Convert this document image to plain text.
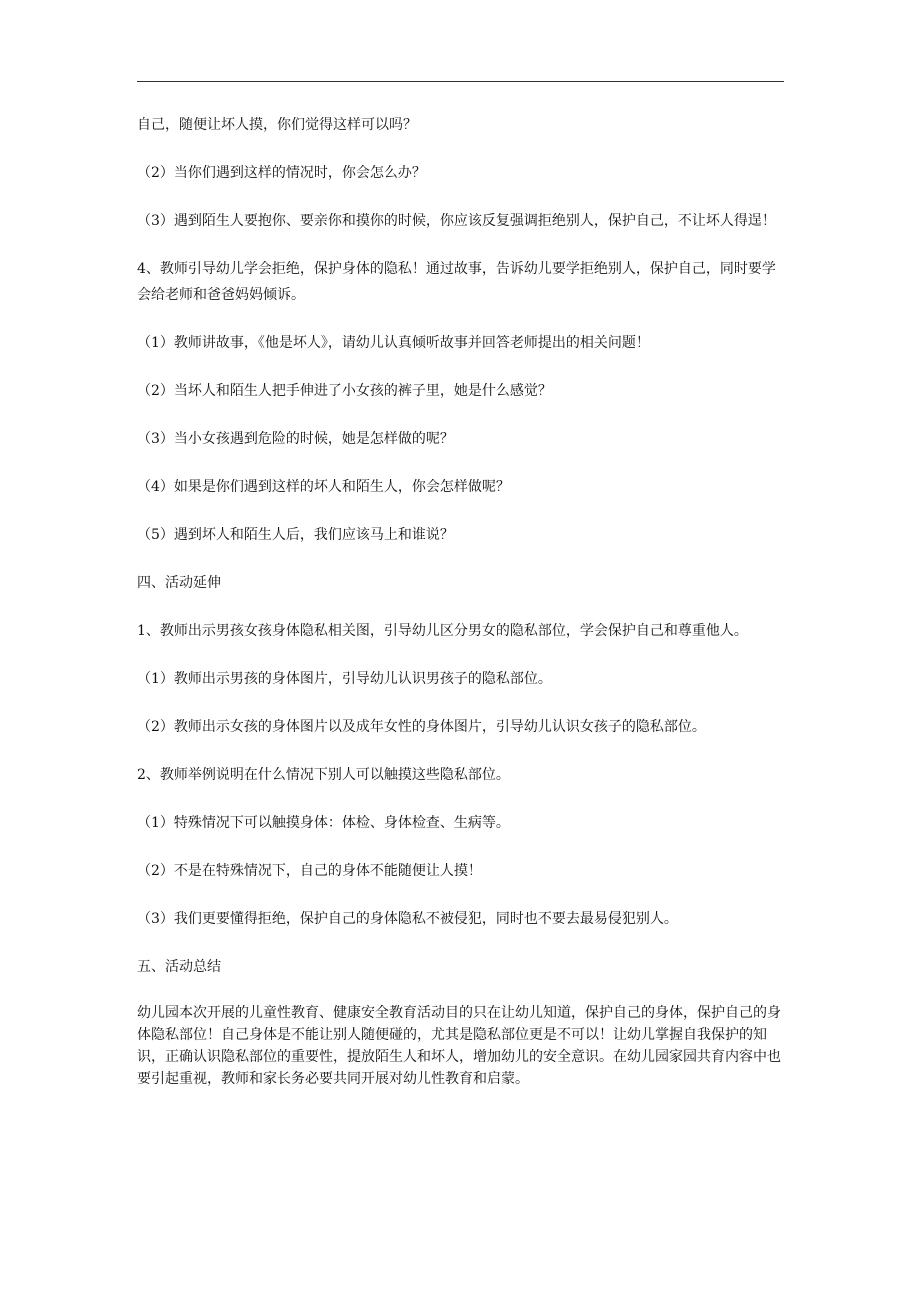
自己，随便让坏人摸，你们觉得这样可以吗？

（2）当你们遇到这样的情况时，你会怎么办？

（3）遇到陌生人要抱你、要亲你和摸你的时候，你应该反复强调拒绝别人，保护自己，不让坏人得逞！

4、教师引导幼儿学会拒绝，保护身体的隐私！通过故事，告诉幼儿要学拒绝别人，保护自己，同时要学会给老师和爸爸妈妈倾诉。

（1）教师讲故事，《他是坏人》，请幼儿认真倾听故事并回答老师提出的相关问题！

（2）当坏人和陌生人把手伸进了小女孩的裤子里，她是什么感觉？

（3）当小女孩遇到危险的时候，她是怎样做的呢？

（4）如果是你们遇到这样的坏人和陌生人，你会怎样做呢？

（5）遇到坏人和陌生人后，我们应该马上和谁说？

四、活动延伸

1、教师出示男孩女孩身体隐私相关图，引导幼儿区分男女的隐私部位，学会保护自己和尊重他人。

（1）教师出示男孩的身体图片，引导幼儿认识男孩子的隐私部位。

（2）教师出示女孩的身体图片以及成年女性的身体图片，引导幼儿认识女孩子的隐私部位。

2、教师举例说明在什么情况下别人可以触摸这些隐私部位。

（1）特殊情况下可以触摸身体：体检、身体检查、生病等。

（2）不是在特殊情况下，自己的身体不能随便让人摸！

（3）我们更要懂得拒绝，保护自己的身体隐私不被侵犯，同时也不要去最易侵犯别人。

五、活动总结

幼儿园本次开展的儿童性教育、健康安全教育活动目的只在让幼儿知道，保护自己的身体，保护自己的身体隐私部位！自己身体是不能让别人随便碰的，尤其是隐私部位更是不可以！让幼儿掌握自我保护的知识，正确认识隐私部位的重要性，提放陌生人和坏人，增加幼儿的安全意识。在幼儿园家园共育内容中也要引起重视，教师和家长务必要共同开展对幼儿性教育和启蒙。
